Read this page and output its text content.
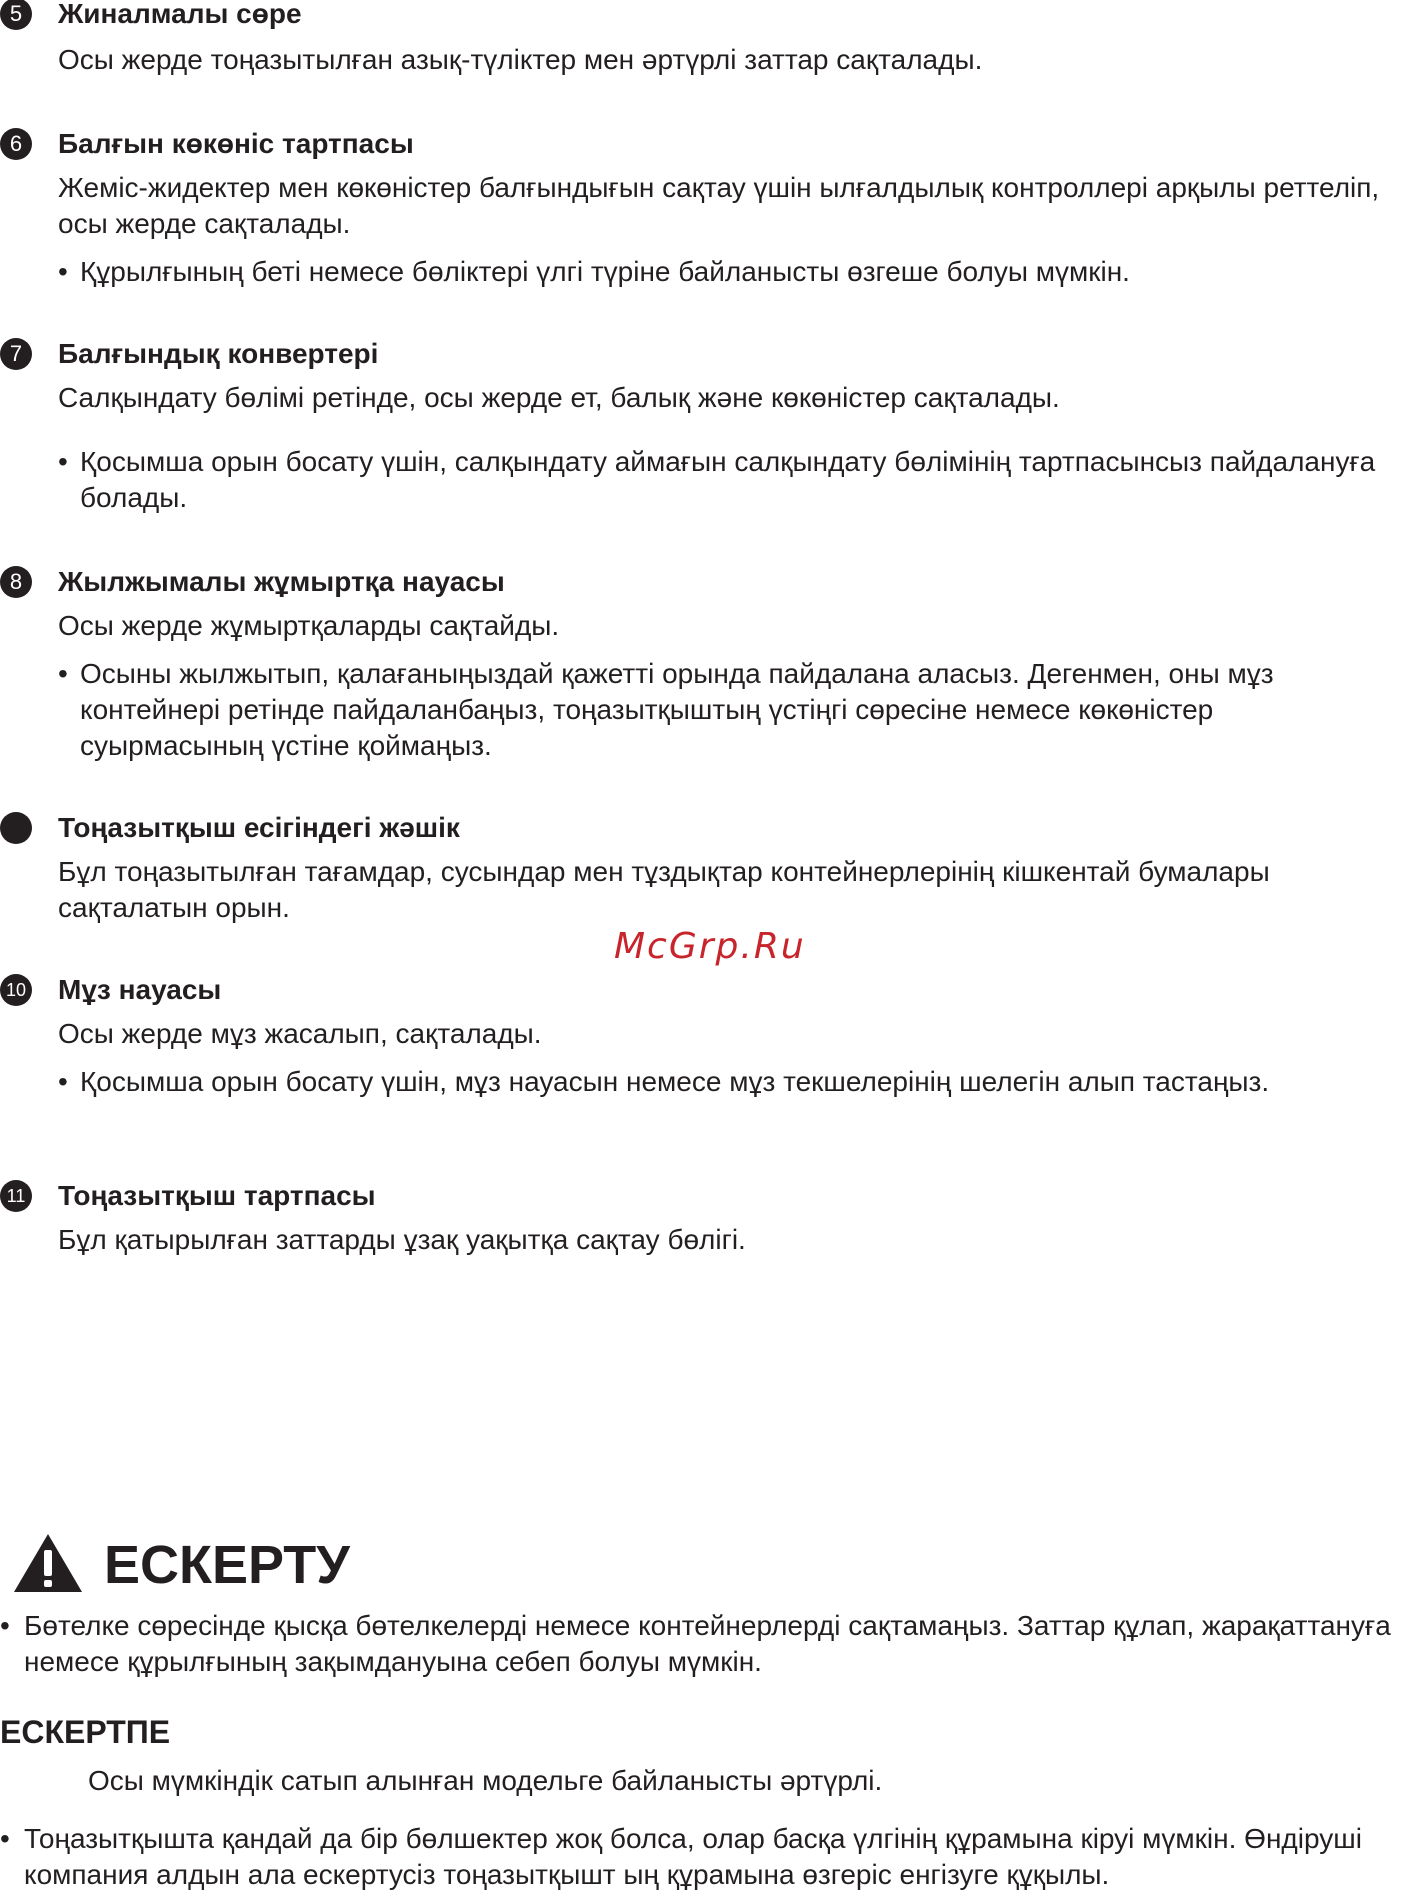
5	Жиналмалы сөре

Осы жерде тоңазытылған азық-түліктер мен әртүрлі заттар сақталады.

6	Балғын көкөніс тартпасы

Жеміс-жидектер мен көкөністер балғындығын сақтау үшін ылғалдылық контроллері арқылы реттеліп, осы жерде сақталады.

• Құрылғының беті немесе бөліктері үлгі түріне байланысты өзгеше болуы мүмкін.
7	Балғындық конвертері

Салқындату бөлімі ретінде, осы жерде ет, балық және көкөністер сақталады.

• Қосымша орын босату үшін, салқындату аймағын салқындату бөлімінің тартпасынсыз пайдалануға болады.
8	Жылжымалы жұмыртқа науасы

Осы жерде жұмыртқаларды сақтайды.

• Осыны жылжытып, қалағаныңыздай қажетті орында пайдалана аласыз. Дегенмен, оны мұз контейнері ретінде пайдаланбаңыз, тоңазытқыштың үстіңгі сөресіне немесе көкөністер суырмасының үстіне қоймаңыз.
Тоңазытқыш есігіндегі жәшік

Бұл тоңазытылған тағамдар, сусындар мен тұздықтар контейнерлерінің кішкентай бумалары сақталатын орын.

McGrp.Ru
10 Мұз науасы

Осы жерде мұз жасалып, сақталады.

• Қосымша орын босату үшін, мұз науасын немесе мұз текшелерінің шелегін алып тастаңыз.
11 Тоңазытқыш тартпасы

Бұл қатырылған заттарды ұзақ уақытқа сақтау бөлігі.

ЕСКЕРТУ
• Бөтелке сөресінде қысқа бөтелкелерді немесе контейнерлерді сақтамаңыз. Заттар құлап, жарақаттануға немесе құрылғының зақымдануына себеп болуы мүмкін.
ЕСКЕРТПЕ
Осы мүмкіндік сатып алынған модельге байланысты әртүрлі.
• Тоңазытқышта қандай да бір бөлшектер жоқ болса, олар басқа үлгінің құрамына кіруі мүмкін. Өндіруші компания алдын ала ескертусіз тоңазытқышт ың құрамына өзгеріс енгізуге құқылы.
